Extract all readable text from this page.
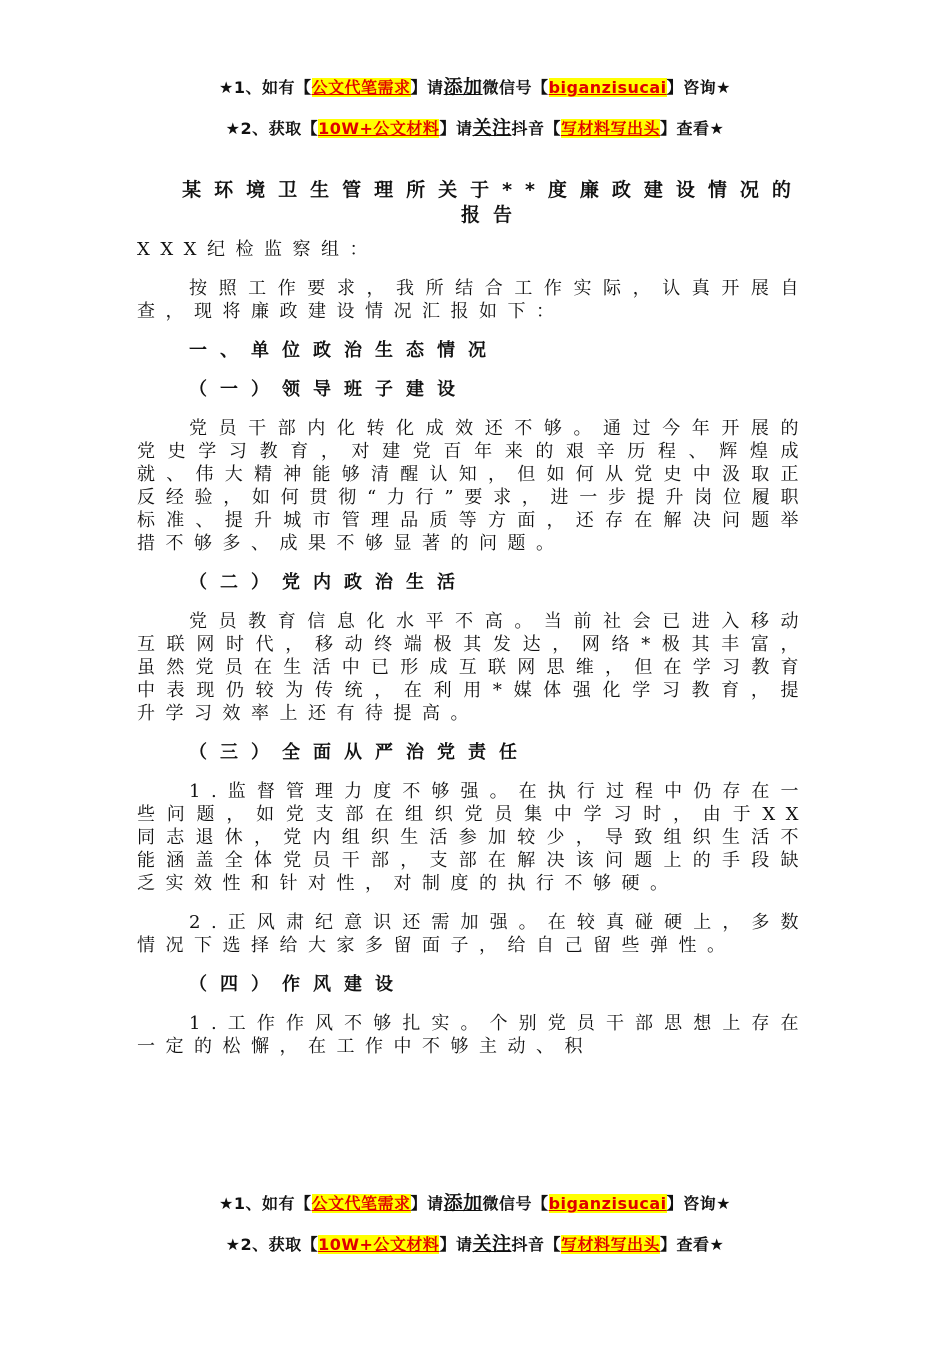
★1、如有【公文代笔需求】请添加微信号【biganzisucai】咨询★
★2、获取【10W+公文材料】请关注抖音【写材料写出头】查看★
某环境卫生管理所关于**度廉政建设情况的报告

XXX纪检监察组：

按照工作要求，我所结合工作实际，认真开展自查，现将廉政建设情况汇报如下：

一、单位政治生态情况
（一）领导班子建设

党员干部内化转化成效还不够。通过今年开展的党史学习教育，对建党百年来的艰辛历程、辉煌成就、伟大精神能够清醒认知，但如何从党史中汲取正反经验，如何贯彻“力行”要求，进一步提升岗位履职标准、提升城市管理品质等方面，还存在解决问题举措不够多、成果不够显著的问题。

（二）党内政治生活

党员教育信息化水平不高。当前社会已进入移动互联网时代，移动终端极其发达，网络*极其丰富，虽然党员在生活中已形成互联网思维，但在学习教育中表现仍较为传统，在利用*媒体强化学习教育，提升学习效率上还有待提高。

（三）全面从严治党责任

1.监督管理力度不够强。在执行过程中仍存在一些问题，如党支部在组织党员集中学习时，由于XX同志退休，党内组织生活参加较少，导致组织生活不能涵盖全体党员干部，支部在解决该问题上的手段缺乏实效性和针对性，对制度的执行不够硬。

2.正风肃纪意识还需加强。在较真碰硬上，多数情况下选择给大家多留面子，给自己留些弹性。

（四）作风建设

1.工作作风不够扎实。个别党员干部思想上存在一定的松懈，在工作中不够主动、积

★1、如有【公文代笔需求】请添加微信号【biganzisucai】咨询★
★2、获取【10W+公文材料】请关注抖音【写材料写出头】查看★
